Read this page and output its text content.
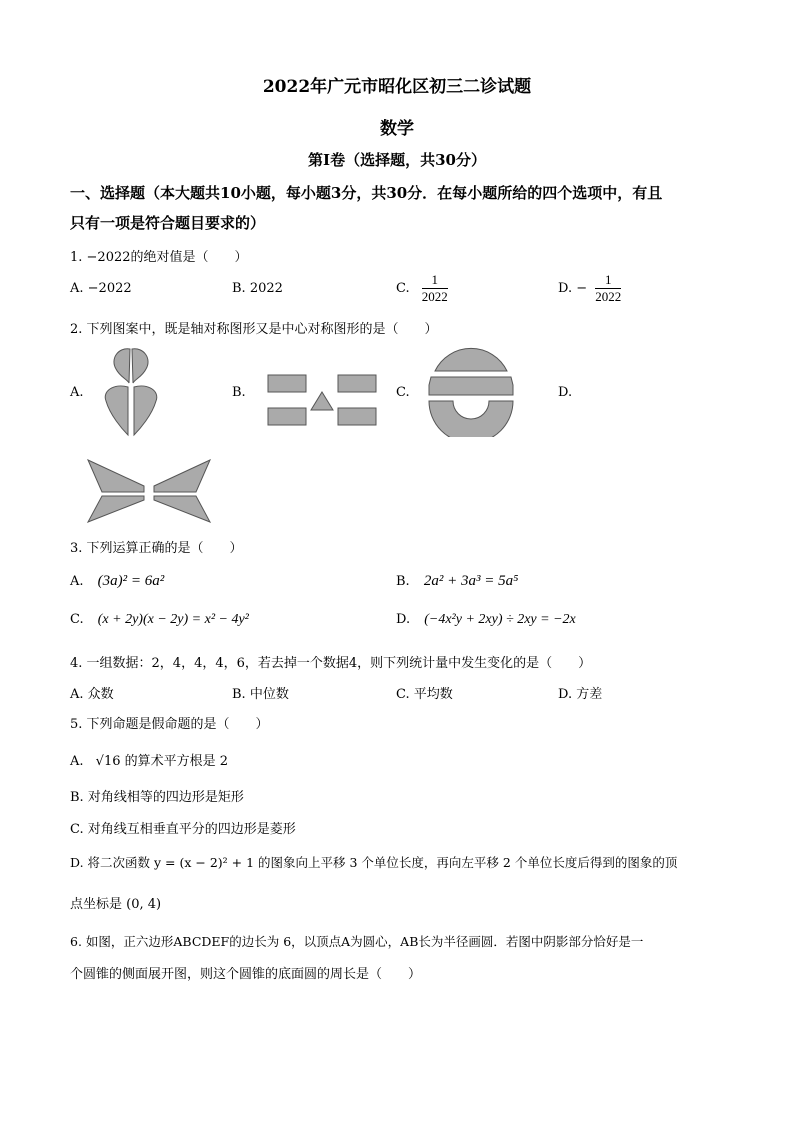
2022年广元市昭化区初三二诊试题
数学
第I卷（选择题，共30分）
一、选择题（本大题共10小题，每小题3分，共30分．在每小题所给的四个选项中，有且
只有一项是符合题目要求的）
1. −2022的绝对值是（　　）
A. −2022	B. 2022	C. $\frac{1}{2022}$	D. − $\frac{1}{2022}$
2. 下列图案中，既是轴对称图形又是中心对称图形的是（　　）
A.	B.	C.	D.
3. 下列运算正确的是（　　）
A. (3a)² = 6a²	B. 2a² + 3a³ = 5a⁵
C. (x + 2y)(x − 2y) = x² − 4y²	D. (−4x²y + 2xy) ÷ 2xy = −2x
4. 一组数据：2，4，4，4，6，若去掉一个数据4，则下列统计量中发生变化的是（　　）
A. 众数	B. 中位数	C. 平均数	D. 方差
5. 下列命题是假命题的是（　　）
A. √16 的算术平方根是 2
B. 对角线相等的四边形是矩形
C. 对角线互相垂直平分的四边形是菱形
D. 将二次函数 y = (x − 2)² + 1 的图象向上平移 3 个单位长度，再向左平移 2 个单位长度后得到的图象的顶
点坐标是 (0, 4)
6. 如图，正六边形ABCDEF的边长为 6，以顶点A为圆心，AB长为半径画圆．若图中阴影部分恰好是一
个圆锥的侧面展开图，则这个圆锥的底面圆的周长是（　　）
